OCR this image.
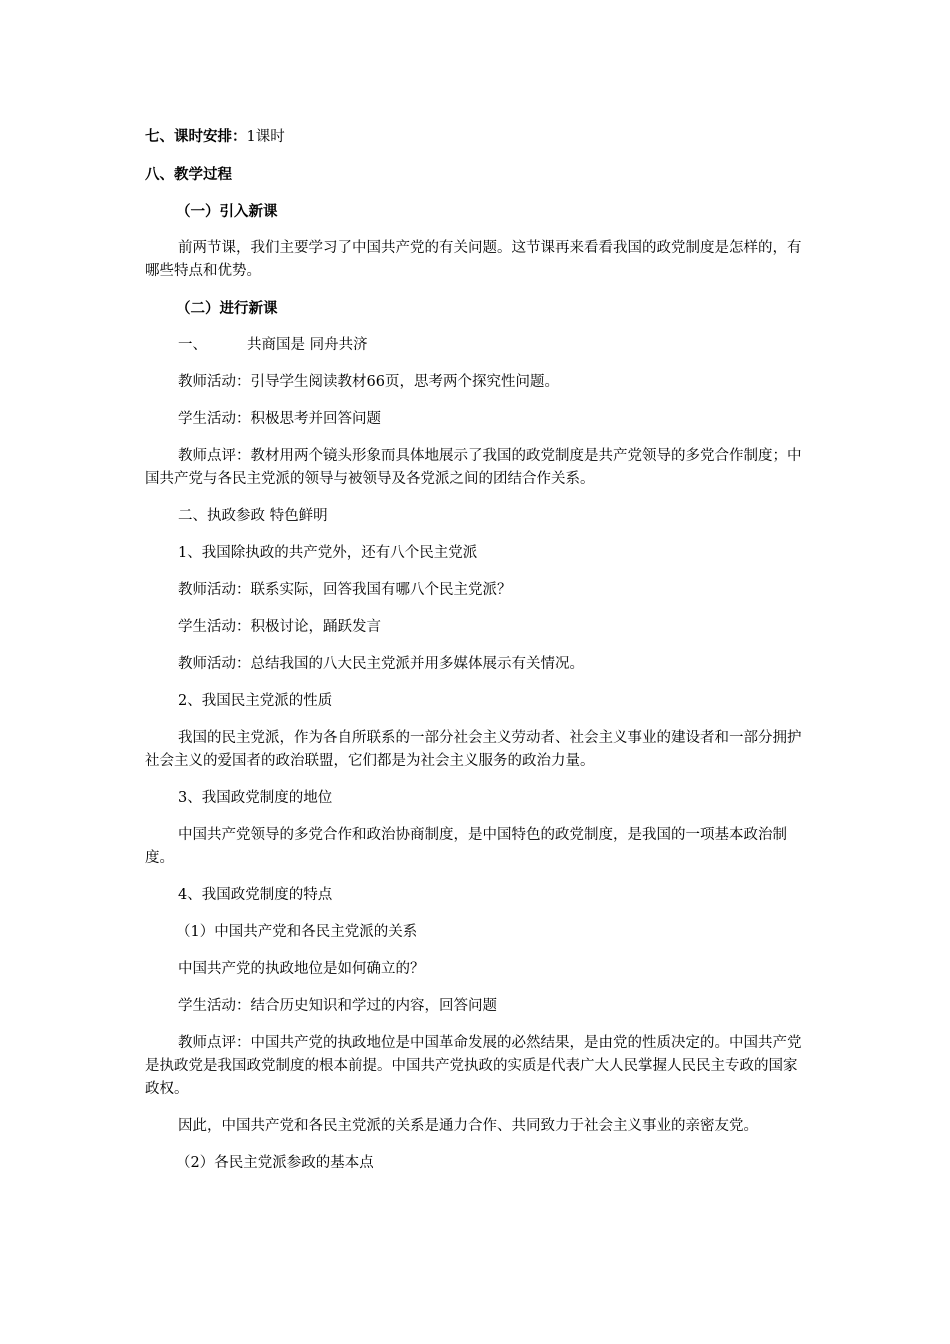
七、课时安排：1课时

八、教学过程

（一）引入新课

前两节课，我们主要学习了中国共产党的有关问题。这节课再来看看我国的政党制度是怎样的，有哪些特点和优势。

（二）进行新课

一、	共商国是 同舟共济

教师活动：引导学生阅读教材66页，思考两个探究性问题。

学生活动：积极思考并回答问题

教师点评：教材用两个镜头形象而具体地展示了我国的政党制度是共产党领导的多党合作制度；中国共产党与各民主党派的领导与被领导及各党派之间的团结合作关系。

二、执政参政 特色鲜明

1、我国除执政的共产党外，还有八个民主党派

教师活动：联系实际，回答我国有哪八个民主党派？

学生活动：积极讨论，踊跃发言

教师活动：总结我国的八大民主党派并用多媒体展示有关情况。

2、我国民主党派的性质

我国的民主党派，作为各自所联系的一部分社会主义劳动者、社会主义事业的建设者和一部分拥护社会主义的爱国者的政治联盟，它们都是为社会主义服务的政治力量。

3、我国政党制度的地位

中国共产党领导的多党合作和政治协商制度，是中国特色的政党制度，是我国的一项基本政治制度。

4、我国政党制度的特点

（1）中国共产党和各民主党派的关系

中国共产党的执政地位是如何确立的？

学生活动：结合历史知识和学过的内容，回答问题

教师点评：中国共产党的执政地位是中国革命发展的必然结果，是由党的性质决定的。中国共产党是执政党是我国政党制度的根本前提。中国共产党执政的实质是代表广大人民掌握人民民主专政的国家政权。

因此，中国共产党和各民主党派的关系是通力合作、共同致力于社会主义事业的亲密友党。

（2）各民主党派参政的基本点
